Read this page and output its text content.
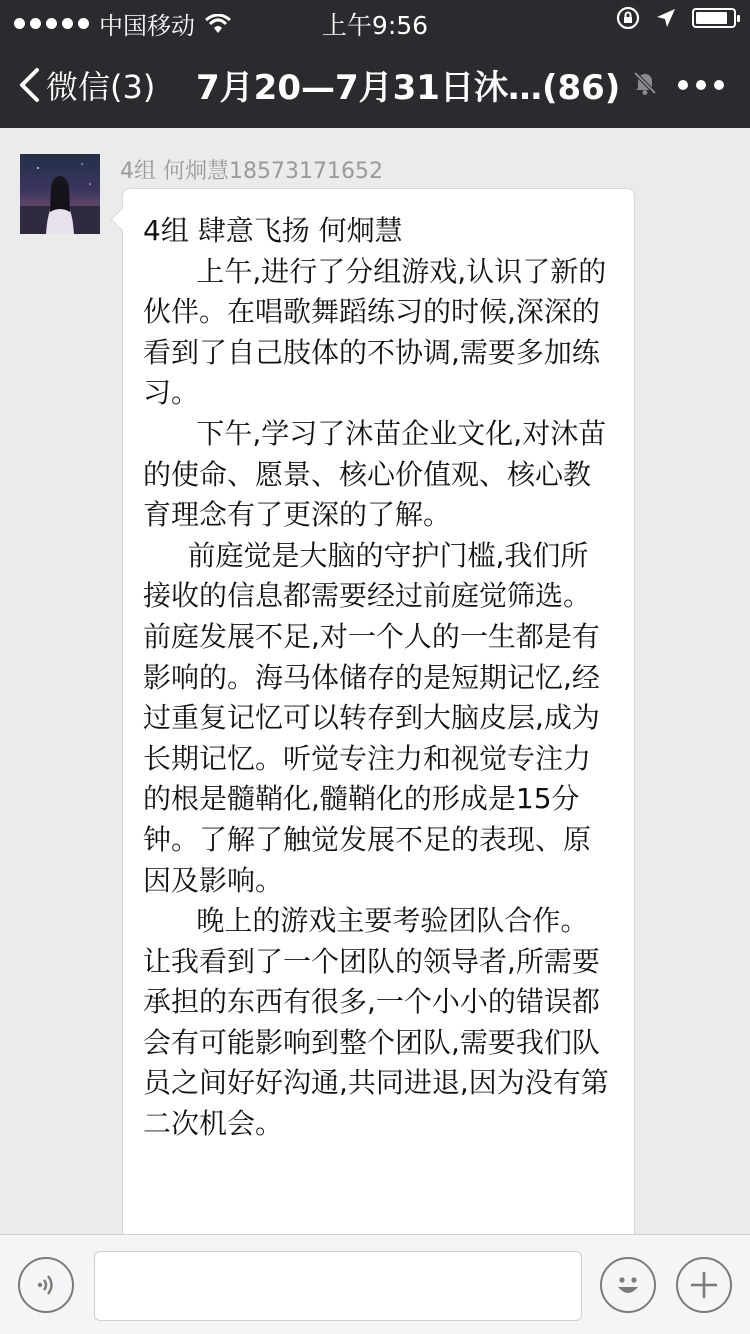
中国移动	上午9:56
微信(3) 7月20—7月31日沐…(86)
4组 何炯慧18573171652

4组 肆意飞扬 何炯慧
上午,进行了分组游戏,认识了新的伙伴。在唱歌舞蹈练习的时候,深深的看到了自己肢体的不协调,需要多加练习。
下午,学习了沐苗企业文化,对沐苗的使命、愿景、核心价值观、核心教育理念有了更深的了解。
前庭觉是大脑的守护门槛,我们所接收的信息都需要经过前庭觉筛选。前庭发展不足,对一个人的一生都是有影响的。海马体储存的是短期记忆,经过重复记忆可以转存到大脑皮层,成为长期记忆。听觉专注力和视觉专注力的根是髓鞘化,髓鞘化的形成是15分钟。了解了触觉发展不足的表现、原因及影响。
晚上的游戏主要考验团队合作。让我看到了一个团队的领导者,所需要承担的东西有很多,一个小小的错误都会有可能影响到整个团队,需要我们队员之间好好沟通,共同进退,因为没有第二次机会。
